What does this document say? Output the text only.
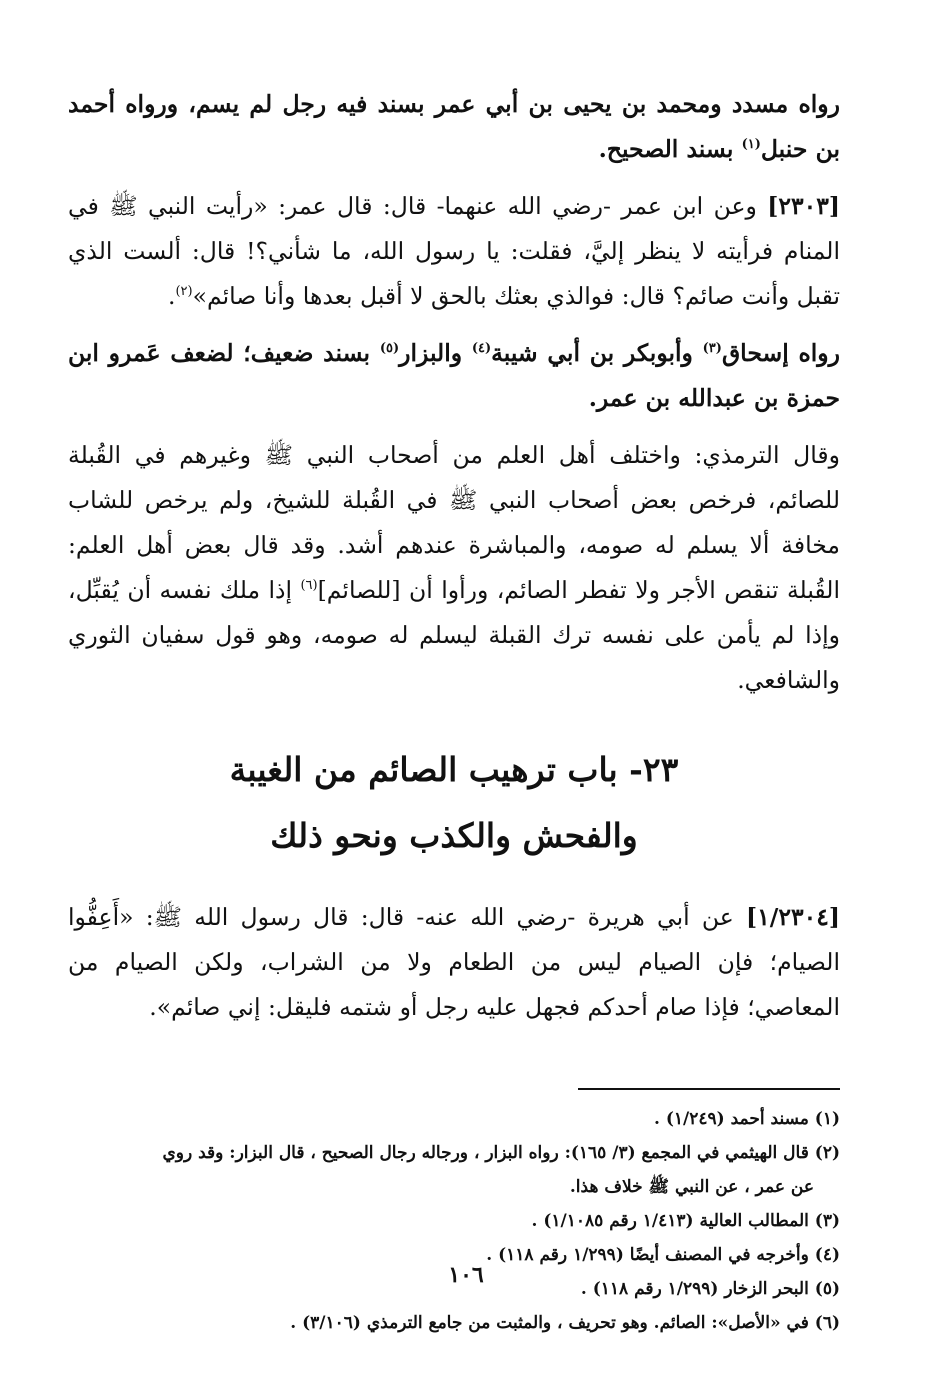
رواه مسدد ومحمد بن يحيى بن أبي عمر بسند فيه رجل لم يسم، ورواه أحمد بن حنبل$^{(١)}$ بسند الصحيح.

[٢٣٠٣] وعن ابن عمر -رضي الله عنهما- قال: قال عمر: «رأيت النبي ﷺ في المنام فرأيته لا ينظر إليَّ، فقلت: يا رسول الله، ما شأني؟! قال: ألست الذي تقبل وأنت صائم؟ قال: فوالذي بعثك بالحق لا أقبل بعدها وأنا صائم»$^{(٢)}$.

رواه إسحاق$^{(٣)}$ وأبوبكر بن أبي شيبة$^{(٤)}$ والبزار$^{(٥)}$ بسند ضعيف؛ لضعف عَمرو ابن حمزة بن عبدالله بن عمر.

وقال الترمذي: واختلف أهل العلم من أصحاب النبي ﷺ وغيرهم في القُبلة للصائم، فرخص بعض أصحاب النبي ﷺ في القُبلة للشيخ، ولم يرخص للشاب مخافة ألا يسلم له صومه، والمباشرة عندهم أشد. وقد قال بعض أهل العلم: القُبلة تنقص الأجر ولا تفطر الصائم، ورأوا أن [للصائم]$^{(٦)}$ إذا ملك نفسه أن يُقبِّل، وإذا لم يأمن على نفسه ترك القبلة ليسلم له صومه، وهو قول سفيان الثوري والشافعي.

٢٣- باب ترهيب الصائم من الغيبة
والفحش والكذب ونحو ذلك

[١/٢٣٠٤] عن أبي هريرة -رضي الله عنه- قال: قال رسول الله ﷺ: «أَعِفُّوا الصيام؛ فإن الصيام ليس من الطعام ولا من الشراب، ولكن الصيام من المعاصي؛ فإذا صام أحدكم فجهل عليه رجل أو شتمه فليقل: إني صائم».

(١) مسند أحمد (١/٢٤٩) .

(٢) قال الهيثمي في المجمع (٣/ ١٦٥): رواه البزار ، ورجاله رجال الصحيح ، قال البزار: وقد روي
عن عمر ، عن النبي ﷺ خلاف هذا.

(٣) المطالب العالية (١/٤١٣ رقم ١/١٠٨٥) .

(٤) وأخرجه في المصنف أيضًا (١/٢٩٩ رقم ١١٨) .

(٥) البحر الزخار (١/٢٩٩ رقم ١١٨) .

(٦) في «الأصل»: الصائم. وهو تحريف ، والمثبت من جامع الترمذي (٣/١٠٦) .

١٠٦
